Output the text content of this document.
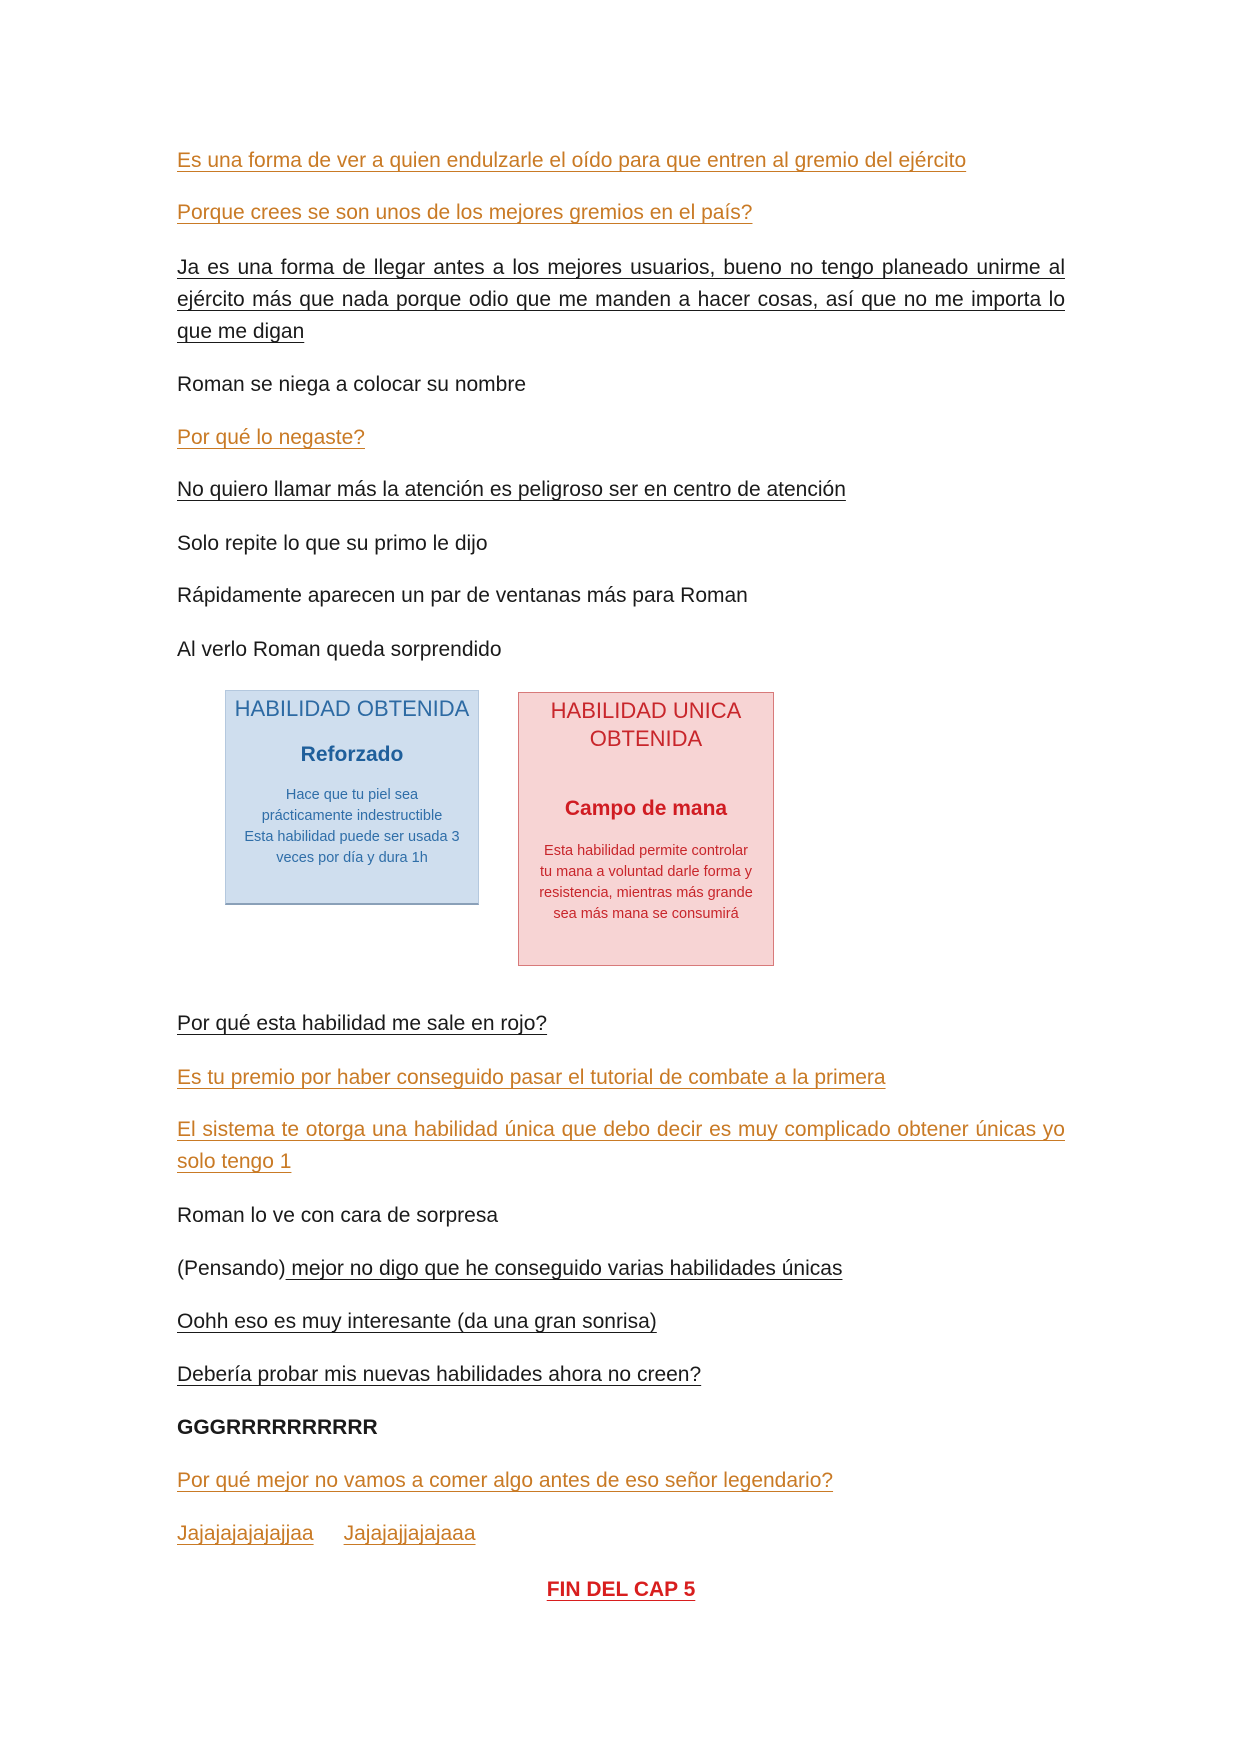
Es una forma de ver a quien endulzarle el oído para que entren al gremio del ejército

Porque crees se son unos de los mejores gremios en el país?

Ja es una forma de llegar antes a los mejores usuarios, bueno no tengo planeado unirme al ejército más que nada porque odio que me manden a hacer cosas, así que no me importa lo que me digan

Roman se niega a colocar su nombre

Por qué lo negaste?

No quiero llamar más la atención es peligroso ser en centro de atención

Solo repite lo que su primo le dijo

Rápidamente aparecen un par de ventanas más para Roman

Al verlo Roman queda sorprendido

HABILIDAD OBTENIDA
Reforzado
Hace que tu piel sea
prácticamente indestructible
Esta habilidad puede ser usada 3
veces por día y dura 1h
HABILIDAD UNICA
OBTENIDA
Campo de mana
Esta habilidad permite controlar
tu mana a voluntad darle forma y
resistencia, mientras más grande
sea más mana se consumirá

Por qué esta habilidad me sale en rojo?

Es tu premio por haber conseguido pasar el tutorial de combate a la primera

El sistema te otorga una habilidad única que debo decir es muy complicado obtener únicas yo solo tengo 1

Roman lo ve con cara de sorpresa

(Pensando) mejor no digo que he conseguido varias habilidades únicas

Oohh eso es muy interesante (da una gran sonrisa)

Debería probar mis nuevas habilidades ahora no creen?

GGGRRRRRRRRRR

Por qué mejor no vamos a comer algo antes de eso señor legendario?

Jajajajajajajjaa Jajajajjajajaaa

FIN DEL CAP 5
